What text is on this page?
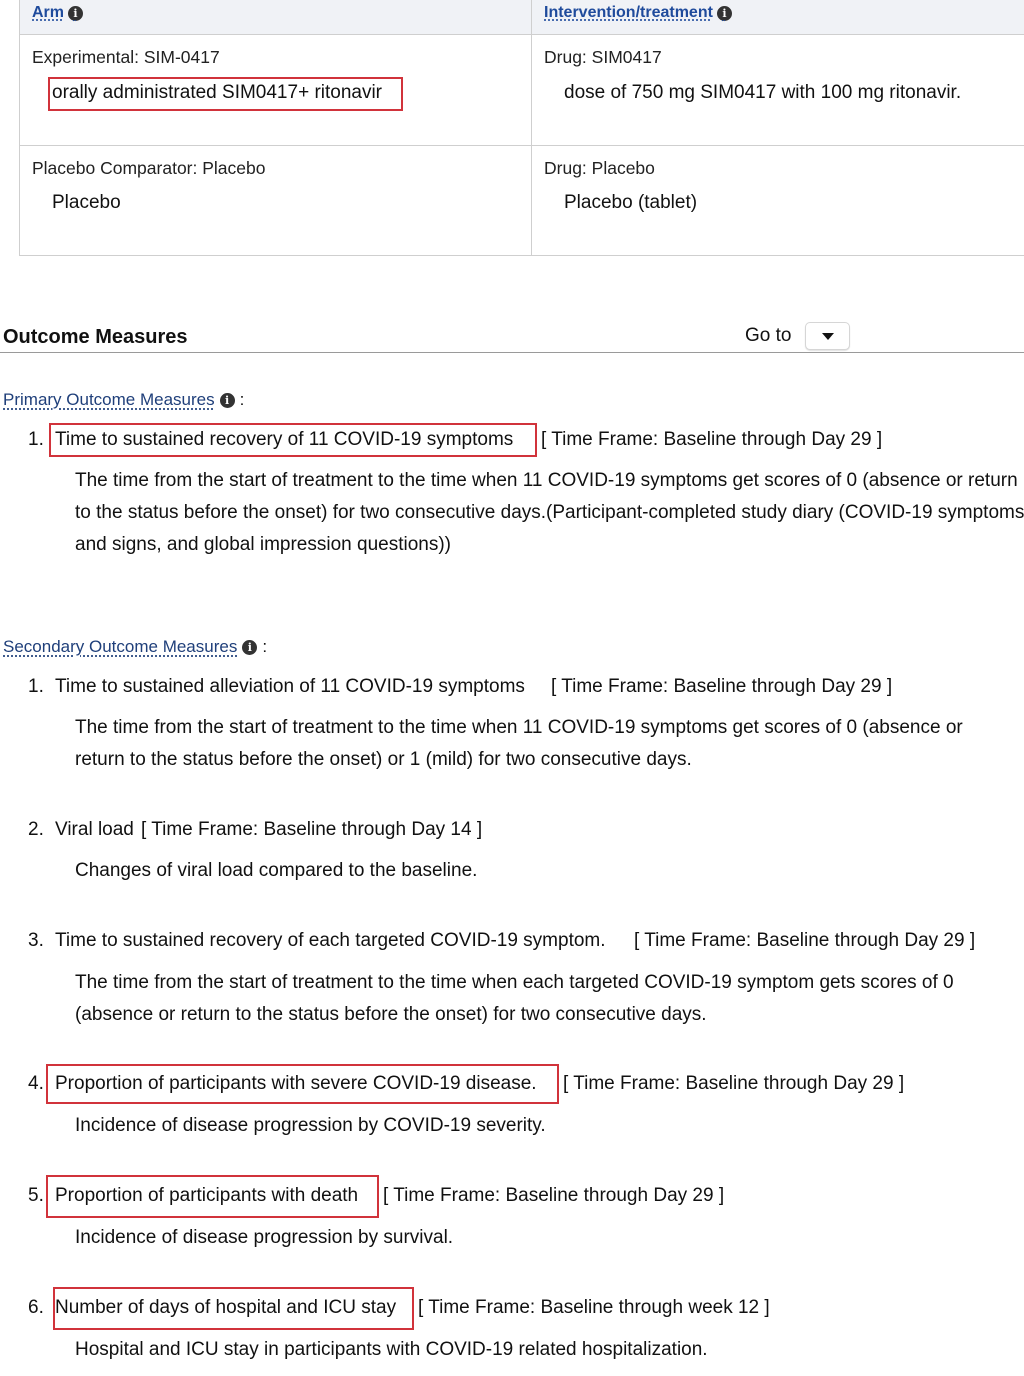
Arm i	Intervention/treatment i
Experimental: SIM-0417
orally administrated SIM0417+ ritonavir
Drug: SIM0417
dose of 750 mg SIM0417 with 100 mg ritonavir.
Placebo Comparator: Placebo
Placebo
Drug: Placebo
Placebo (tablet)
Outcome Measures	Go to
Primary Outcome Measures i :
1. Time to sustained recovery of 11 COVID-19 symptoms [ Time Frame: Baseline through Day 29 ]
The time from the start of treatment to the time when 11 COVID-19 symptoms get scores of 0 (absence or return to the status before the onset) for two consecutive days.(Participant-completed study diary (COVID-19 symptoms and signs, and global impression questions))
Secondary Outcome Measures i :
1. Time to sustained alleviation of 11 COVID-19 symptoms [ Time Frame: Baseline through Day 29 ]
The time from the start of treatment to the time when 11 COVID-19 symptoms get scores of 0 (absence or return to the status before the onset) or 1 (mild) for two consecutive days.
2. Viral load [ Time Frame: Baseline through Day 14 ]
Changes of viral load compared to the baseline.
3. Time to sustained recovery of each targeted COVID-19 symptom. [ Time Frame: Baseline through Day 29 ]
The time from the start of treatment to the time when each targeted COVID-19 symptom gets scores of 0 (absence or return to the status before the onset) for two consecutive days.
4. Proportion of participants with severe COVID-19 disease. [ Time Frame: Baseline through Day 29 ]
Incidence of disease progression by COVID-19 severity.
5. Proportion of participants with death [ Time Frame: Baseline through Day 29 ]
Incidence of disease progression by survival.
6. Number of days of hospital and ICU stay [ Time Frame: Baseline through week 12 ]
Hospital and ICU stay in participants with COVID-19 related hospitalization.
